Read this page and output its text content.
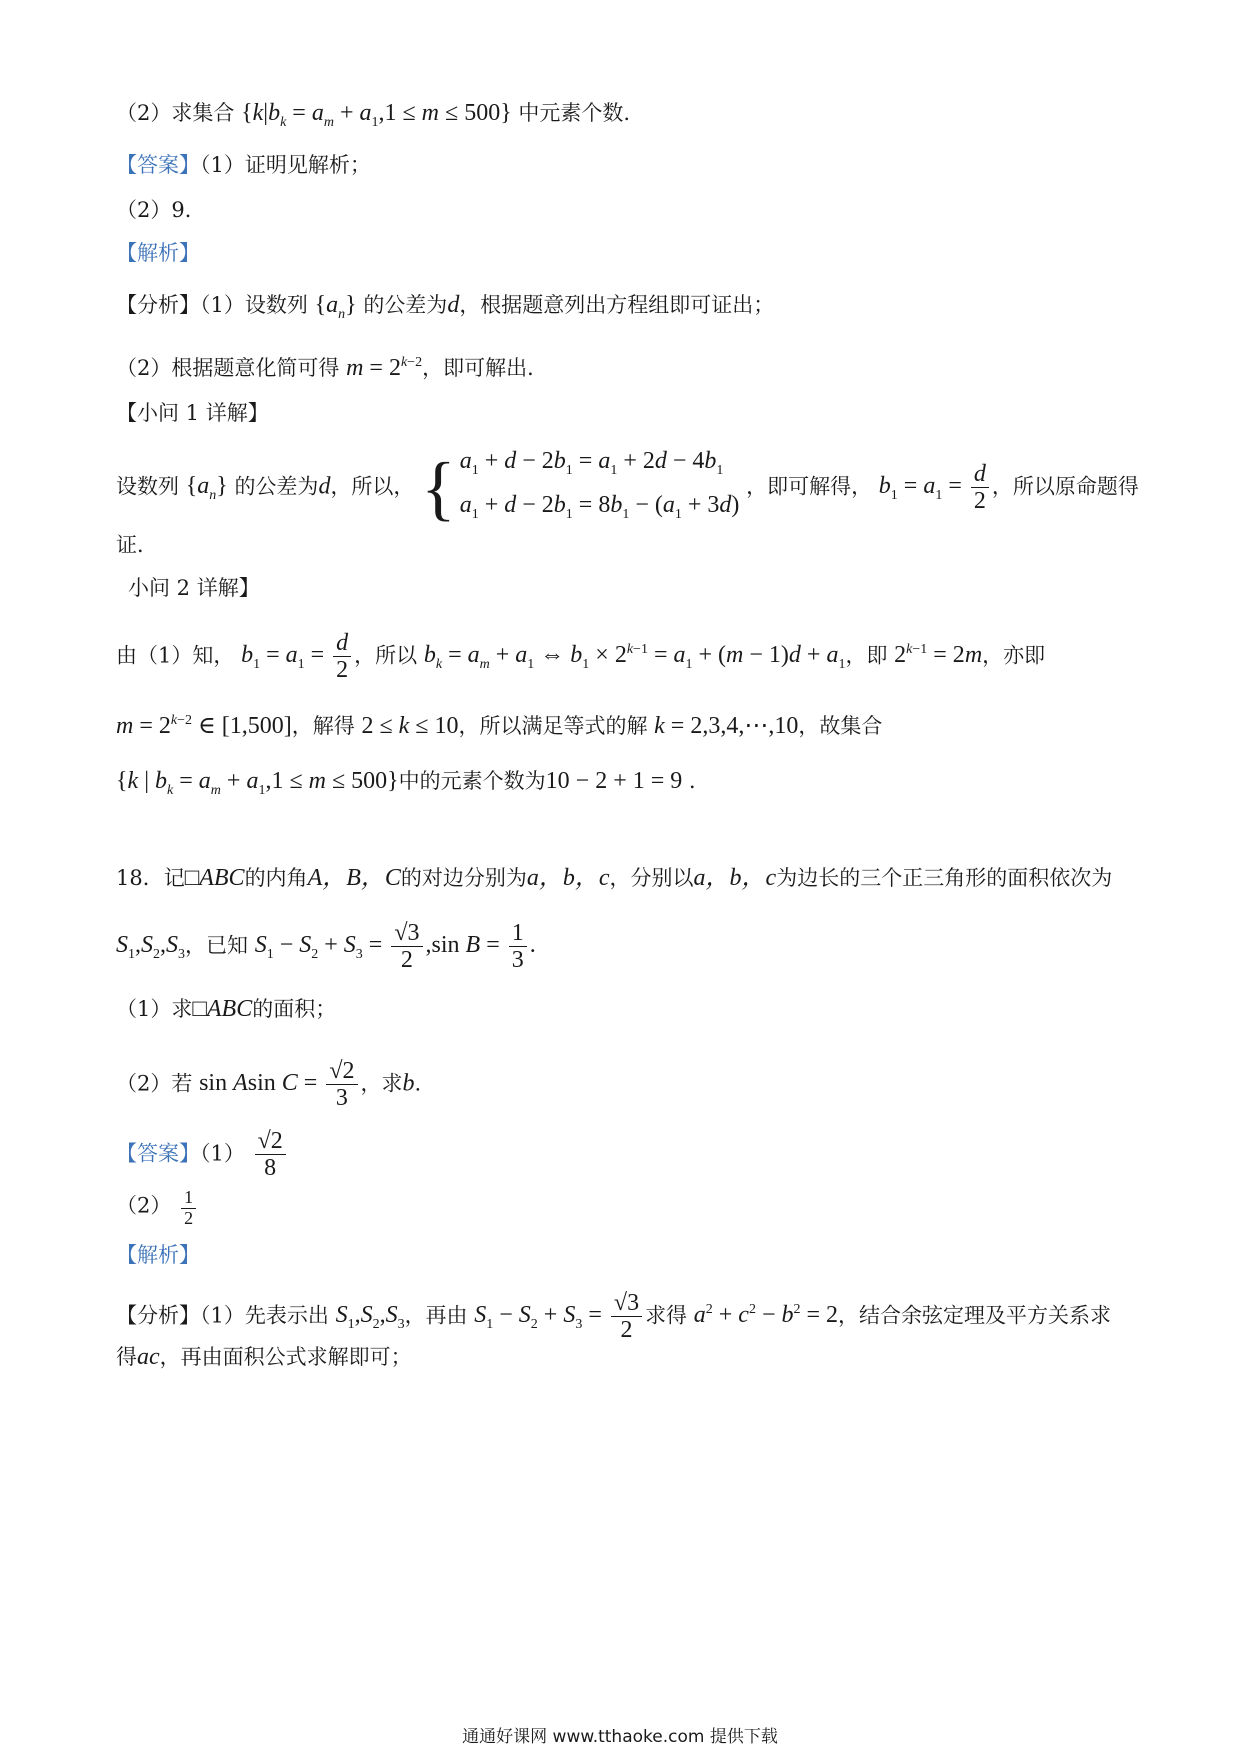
（2）求集合 $\{k|b_k = a_m + a_1,1 \le m \le 500\}$ 中元素个数.
【答案】（1）证明见解析；
（2）9．
【解析】
【分析】（1）设数列 $\{a_n\}$ 的公差为d，根据题意列出方程组即可证出；
（2）根据题意化简可得 $m = 2^{k-2}$，即可解出．
【小问 1 详解】
设数列 $\{a_n\}$ 的公差为d，所以， { $a_1 + d - 2b_1 = a_1 + 2d - 4b_1$
$a_1 + d - 2b_1 = 8b_1 - (a_1 + 3d)$
，即可解得， $b_1 = a_1 = \frac{d}{2}$ ，所以原命题得
证．
小问 2 详解】
由（1）知， $b_1 = a_1 = \frac{d}{2}$ ，所以 $b_k = a_m + a_1$ ⇔ $b_1 \times 2^{k-1} = a_1 + (m - 1)d + a_1$，即 $2^{k-1} = 2m$，亦即
$m = 2^{k-2}$ ∈ [1,500]，解得 2 ≤ k ≤ 10，所以满足等式的解 k = 2,3,4,⋯,10，故集合
{k | $b_k = a_m + a_1,1 \le m \le 500$}中的元素个数为10 − 2 + 1 = 9 ．
18．记□ABC的内角A，B，C的对边分别为a，b，c，分别以a，b，c为边长的三个正三角形的面积依次为
$S_1,S_2,S_3$，已知 $S_1 - S_2 + S_3 = \frac{√3}{2} ,\sin$ $B = \frac{1}{3}$ .
（1）求□ABC的面积；
（2）若 sin Asin $C = \frac{√2}{3}$ ，求b.
【答案】$(1) \frac{√2}{8}$
$(2) \frac{1}{2}$
【解析】
【分析】（1）先表示出 $S_1,S_2,S_3$，再由 $S_1 - S_2 + S_3 = \frac{√3}{2}$ 求得 $a^2 + c^2 - b^2 = 2$，结合余弦定理及平方关系求
得ac，再由面积公式求解即可；
通通好课网 www.tthaoke.com 提供下载
